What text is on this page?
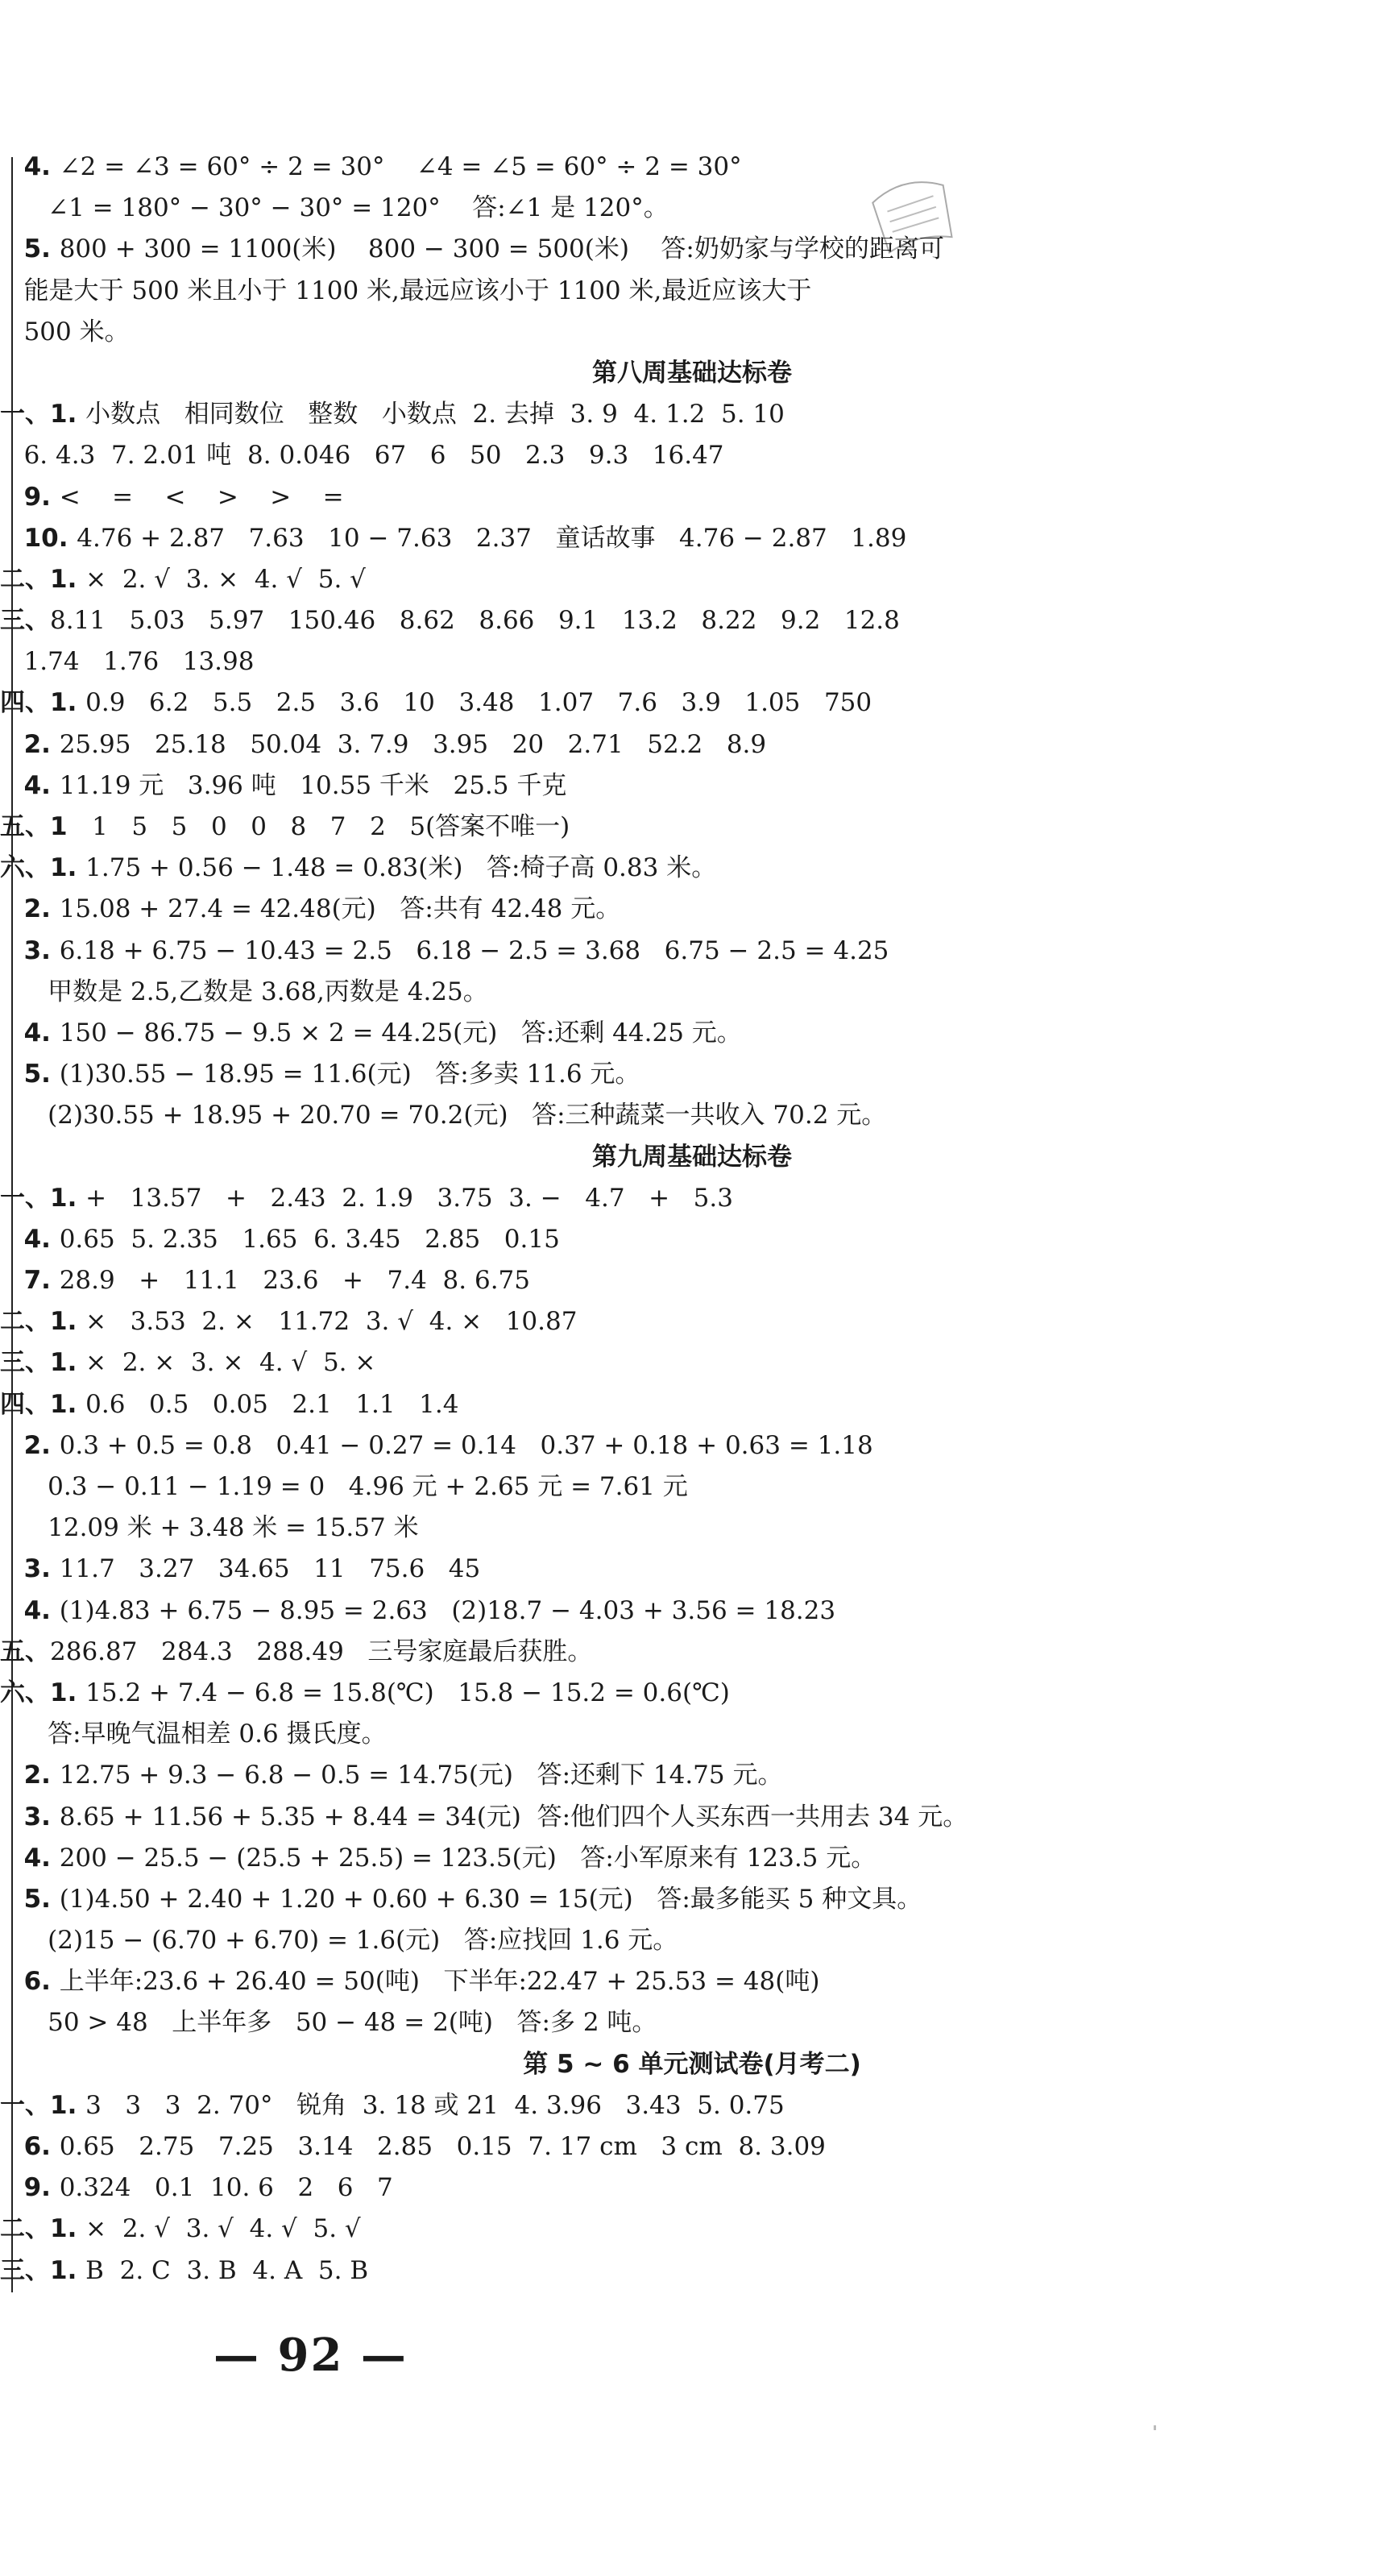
4. ∠2 = ∠3 = 60° ÷ 2 = 30°    ∠4 = ∠5 = 60° ÷ 2 = 30°
∠1 = 180° − 30° − 30° = 120°    答:∠1 是 120°。
5. 800 + 300 = 1100(米)    800 − 300 = 500(米)    答:奶奶家与学校的距离可
能是大于 500 米且小于 1100 米,最远应该小于 1100 米,最近应该大于
500 米。
第八周基础达标卷
一、1. 小数点   相同数位   整数   小数点  2. 去掉  3. 9  4. 1.2  5. 10
6. 4.3  7. 2.01 吨  8. 0.046   67   6   50   2.3   9.3   16.47
9. <    =    <    >    >    =
10. 4.76 + 2.87   7.63   10 − 7.63   2.37   童话故事   4.76 − 2.87   1.89
二、1. ×  2. √  3. ×  4. √  5. √
三、8.11   5.03   5.97   150.46   8.62   8.66   9.1   13.2   8.22   9.2   12.8
1.74   1.76   13.98
四、1. 0.9   6.2   5.5   2.5   3.6   10   3.48   1.07   7.6   3.9   1.05   750
2. 25.95   25.18   50.04  3. 7.9   3.95   20   2.71   52.2   8.9
4. 11.19 元   3.96 吨   10.55 千米   25.5 千克
五、1   1   5   5   0   0   8   7   2   5(答案不唯一)
六、1. 1.75 + 0.56 − 1.48 = 0.83(米)   答:椅子高 0.83 米。
2. 15.08 + 27.4 = 42.48(元)   答:共有 42.48 元。
3. 6.18 + 6.75 − 10.43 = 2.5   6.18 − 2.5 = 3.68   6.75 − 2.5 = 4.25
甲数是 2.5,乙数是 3.68,丙数是 4.25。
4. 150 − 86.75 − 9.5 × 2 = 44.25(元)   答:还剩 44.25 元。
5. (1)30.55 − 18.95 = 11.6(元)   答:多卖 11.6 元。
(2)30.55 + 18.95 + 20.70 = 70.2(元)   答:三种蔬菜一共收入 70.2 元。
第九周基础达标卷
一、1. +   13.57   +   2.43  2. 1.9   3.75  3. −   4.7   +   5.3
4. 0.65  5. 2.35   1.65  6. 3.45   2.85   0.15
7. 28.9   +   11.1   23.6   +   7.4  8. 6.75
二、1. ×   3.53  2. ×   11.72  3. √  4. ×   10.87
三、1. ×  2. ×  3. ×  4. √  5. ×
四、1. 0.6   0.5   0.05   2.1   1.1   1.4
2. 0.3 + 0.5 = 0.8   0.41 − 0.27 = 0.14   0.37 + 0.18 + 0.63 = 1.18
0.3 − 0.11 − 1.19 = 0   4.96 元 + 2.65 元 = 7.61 元
12.09 米 + 3.48 米 = 15.57 米
3. 11.7   3.27   34.65   11   75.6   45
4. (1)4.83 + 6.75 − 8.95 = 2.63   (2)18.7 − 4.03 + 3.56 = 18.23
五、286.87   284.3   288.49   三号家庭最后获胜。
六、1. 15.2 + 7.4 − 6.8 = 15.8(℃)   15.8 − 15.2 = 0.6(℃)
答:早晚气温相差 0.6 摄氏度。
2. 12.75 + 9.3 − 6.8 − 0.5 = 14.75(元)   答:还剩下 14.75 元。
3. 8.65 + 11.56 + 5.35 + 8.44 = 34(元)  答:他们四个人买东西一共用去 34 元。
4. 200 − 25.5 − (25.5 + 25.5) = 123.5(元)   答:小军原来有 123.5 元。
5. (1)4.50 + 2.40 + 1.20 + 0.60 + 6.30 = 15(元)   答:最多能买 5 种文具。
(2)15 − (6.70 + 6.70) = 1.6(元)   答:应找回 1.6 元。
6. 上半年:23.6 + 26.40 = 50(吨)   下半年:22.47 + 25.53 = 48(吨)
50 > 48   上半年多   50 − 48 = 2(吨)   答:多 2 吨。
第 5 ~ 6 单元测试卷(月考二)
一、1. 3   3   3  2. 70°   锐角  3. 18 或 21  4. 3.96   3.43  5. 0.75
6. 0.65   2.75   7.25   3.14   2.85   0.15  7. 17 cm   3 cm  8. 3.09
9. 0.324   0.1  10. 6   2   6   7
二、1. ×  2. √  3. √  4. √  5. √
三、1. B  2. C  3. B  4. A  5. B
— 92 —
